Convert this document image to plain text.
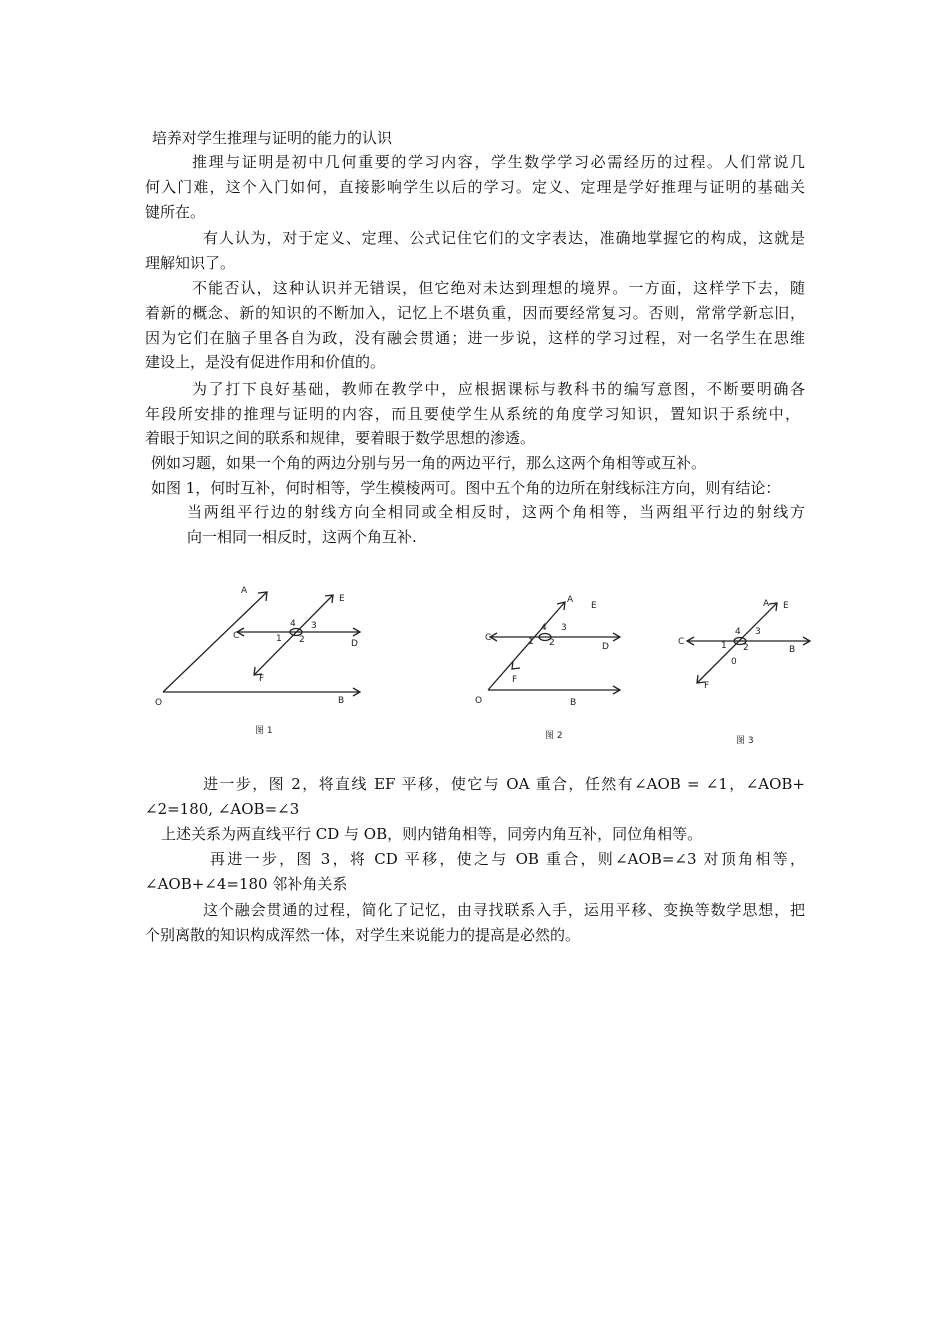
培养对学生推理与证明的能力的认识
推理与证明是初中几何重要的学习内容，学生数学学习必需经历的过程。人们常说几
何入门难，这个入门如何，直接影响学生以后的学习。定义、定理是学好推理与证明的基础关
键所在。
有人认为，对于定义、定理、公式记住它们的文字表达，准确地掌握它的构成，这就是
理解知识了。
不能否认，这种认识并无错误，但它绝对未达到理想的境界。一方面，这样学下去，随
着新的概念、新的知识的不断加入，记忆上不堪负重，因而要经常复习。否则，常常学新忘旧，
因为它们在脑子里各自为政，没有融会贯通；进一步说，这样的学习过程，对一名学生在思维
建设上，是没有促进作用和价值的。
为了打下良好基础，教师在教学中，应根据课标与教科书的编写意图，不断要明确各
年段所安排的推理与证明的内容，而且要使学生从系统的角度学习知识，置知识于系统中，
着眼于知识之间的联系和规律，要着眼于数学思想的渗透。
例如习题，如果一个角的两边分别与另一角的两边平行，那么这两个角相等或互补。
如图 1，何时互补，何时相等，学生模棱两可。图中五个角的边所在射线标注方向，则有结论：
当两组平行边的射线方向全相同或全相反时，这两个角相等，当两组平行边的射线方
向一相同一相反时，这两个角互补.
A
E
C
D
F
O	B
1 2
3
4
图 1
A
E
C
D
F
O	B
1 2
3
4
图 2
A E
C
B
0
F
1 2
3
4
图 3
进一步，图 2，将直线 EF 平移，使它与 OA 重合，任然有∠AOB = ∠1，∠AOB+
∠2=180, ∠AOB=∠3
上述关系为两直线平行 CD 与 OB，则内错角相等，同旁内角互补，同位角相等。
再进一步，图 3，将 CD 平移，使之与 OB 重合，则∠AOB=∠3 对顶角相等，
∠AOB+∠4=180 邻补角关系
这个融会贯通的过程，简化了记忆，由寻找联系入手，运用平移、变换等数学思想，把
个别离散的知识构成浑然一体，对学生来说能力的提高是必然的。
